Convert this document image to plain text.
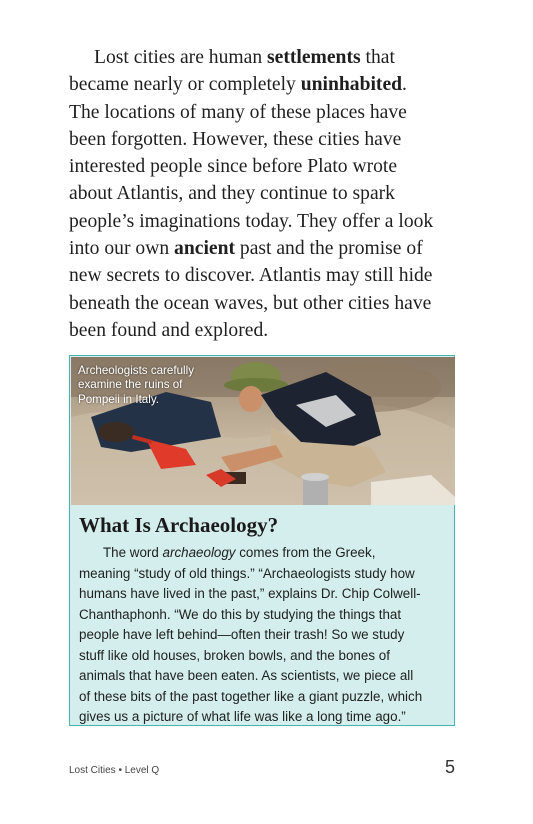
Lost cities are human settlements that
became nearly or completely uninhabited.
The locations of many of these places have
been forgotten. However, these cities have
interested people since before Plato wrote
about Atlantis, and they continue to spark
people’s imaginations today. They offer a look
into our own ancient past and the promise of
new secrets to discover. Atlantis may still hide
beneath the ocean waves, but other cities have
been found and explored.
Archeologists carefully
examine the ruins of
Pompeii in Italy.
What Is Archaeology?
The word archaeology comes from the Greek,
meaning “study of old things.” “Archaeologists study how
humans have lived in the past,” explains Dr. Chip Colwell-
Chanthaphonh. “We do this by studying the things that
people have left behind—often their trash! So we study
stuff like old houses, broken bowls, and the bones of
animals that have been eaten. As scientists, we piece all
of these bits of the past together like a giant puzzle, which
gives us a picture of what life was like a long time ago.”
Lost Cities • Level Q	5
